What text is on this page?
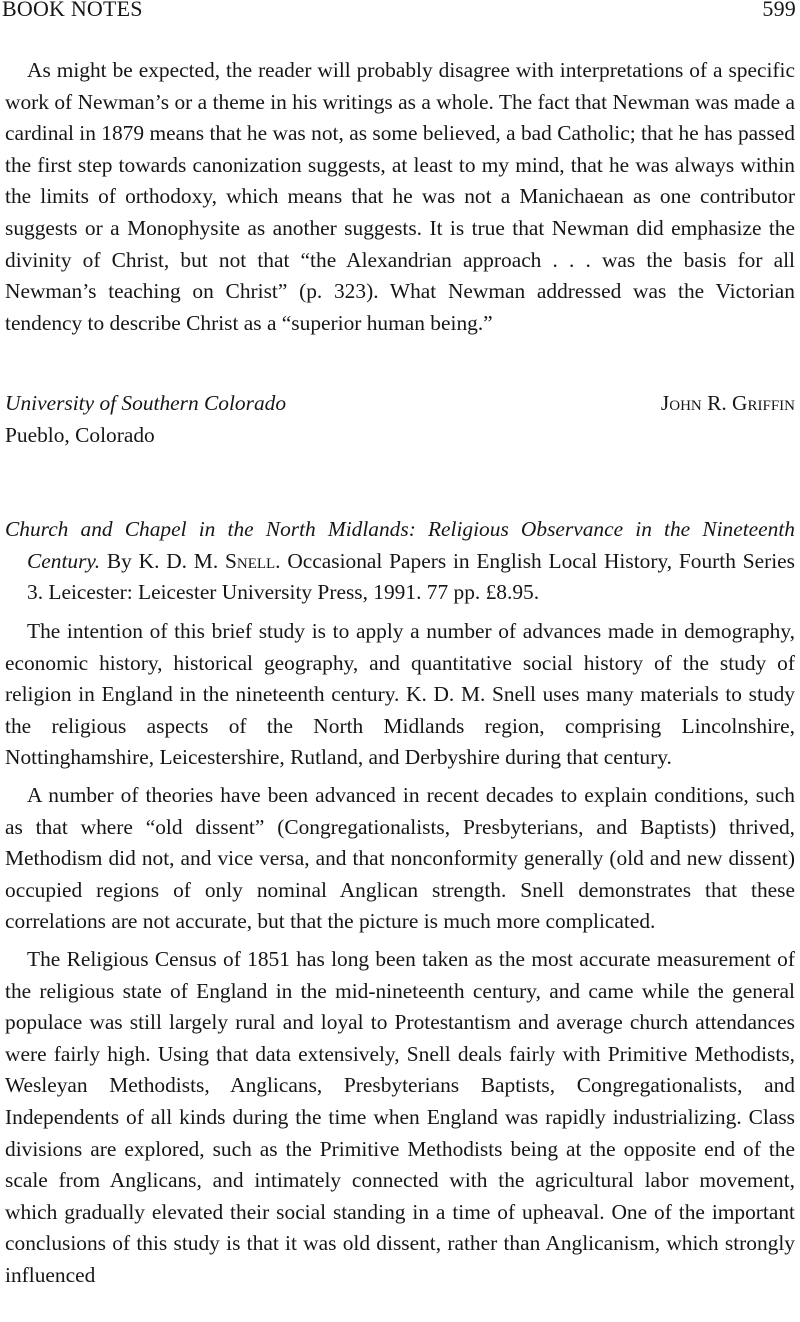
BOOK NOTES	599

As might be expected, the reader will probably disagree with interpretations of a specific work of Newman’s or a theme in his writings as a whole. The fact that Newman was made a cardinal in 1879 means that he was not, as some believed, a bad Catholic; that he has passed the first step towards canonization suggests, at least to my mind, that he was always within the limits of orthodoxy, which means that he was not a Manichaean as one contributor suggests or a Monophysite as another suggests. It is true that Newman did emphasize the divinity of Christ, but not that “the Alexandrian approach . . . was the basis for all Newman’s teaching on Christ” (p. 323). What Newman addressed was the Victorian tendency to describe Christ as a “superior human being.”

University of Southern Colorado
Pueblo, Colorado
John R. Griffin
Church and Chapel in the North Midlands: Religious Observance in the Nineteenth Century. By K. D. M. Snell. Occasional Papers in English Local History, Fourth Series 3. Leicester: Leicester University Press, 1991. 77 pp. £8.95.

The intention of this brief study is to apply a number of advances made in demography, economic history, historical geography, and quantitative social history of the study of religion in England in the nineteenth century. K. D. M. Snell uses many materials to study the religious aspects of the North Midlands region, comprising Lincolnshire, Nottinghamshire, Leicestershire, Rutland, and Derbyshire during that century.

A number of theories have been advanced in recent decades to explain conditions, such as that where “old dissent” (Congregationalists, Presbyterians, and Baptists) thrived, Methodism did not, and vice versa, and that nonconformity generally (old and new dissent) occupied regions of only nominal Anglican strength. Snell demonstrates that these correlations are not accurate, but that the picture is much more complicated.

The Religious Census of 1851 has long been taken as the most accurate measurement of the religious state of England in the mid-nineteenth century, and came while the general populace was still largely rural and loyal to Protestantism and average church attendances were fairly high. Using that data extensively, Snell deals fairly with Primitive Methodists, Wesleyan Methodists, Anglicans, Presbyterians Baptists, Congregationalists, and Independents of all kinds during the time when England was rapidly industrializing. Class divisions are explored, such as the Primitive Methodists being at the opposite end of the scale from Anglicans, and intimately connected with the agricultural labor movement, which gradually elevated their social standing in a time of upheaval. One of the important conclusions of this study is that it was old dissent, rather than Anglicanism, which strongly influenced
